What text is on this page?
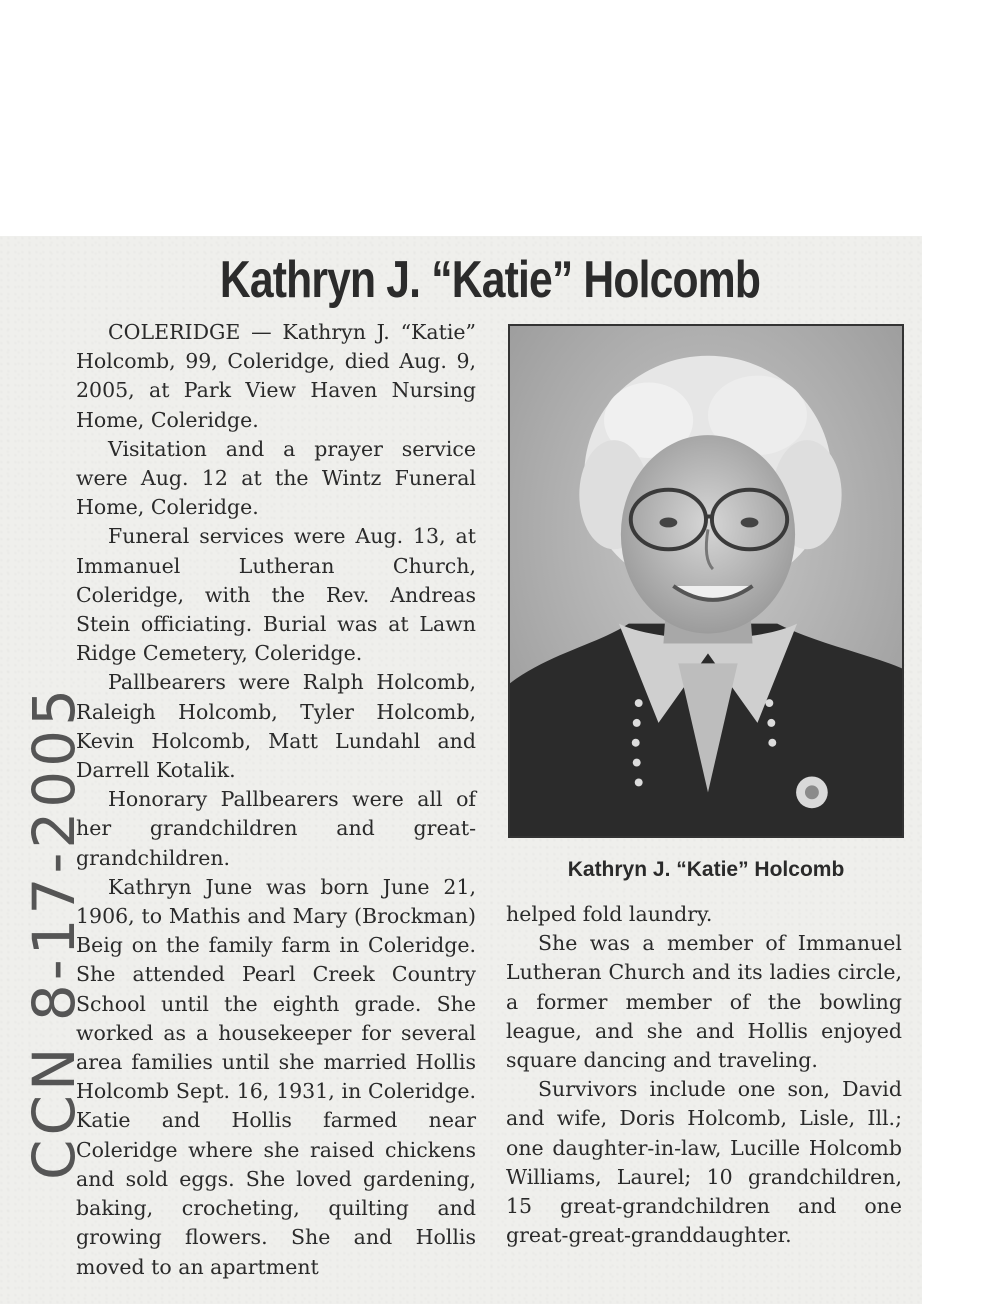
Kathryn J. “Katie” Holcomb

COLERIDGE — Kathryn J. “Katie” Holcomb, 99, Coleridge, died Aug. 9, 2005, at Park View Haven Nursing Home, Coleridge.

Visitation and a prayer service were Aug. 12 at the Wintz Funeral Home, Coleridge.

Funeral services were Aug. 13, at Immanuel Lutheran Church, Coleridge, with the Rev. Andreas Stein officiating. Burial was at Lawn Ridge Cemetery, Coleridge.

Pallbearers were Ralph Holcomb, Raleigh Holcomb, Tyler Holcomb, Kevin Holcomb, Matt Lundahl and Darrell Kotalik.

Honorary Pallbearers were all of her grandchildren and great-grandchildren.

Kathryn June was born June 21, 1906, to Mathis and Mary (Brockman) Beig on the family farm in Coleridge. She attended Pearl Creek Country School until the eighth grade. She worked as a housekeeper for several area families until she married Hollis Holcomb Sept. 16, 1931, in Coleridge. Katie and Hollis farmed near Coleridge where she raised chickens and sold eggs. She loved gardening, baking, crocheting, quilting and growing flowers. She and Hollis moved to an apartment

Kathryn J. “Katie” Holcomb

helped fold laundry.

She was a member of Immanuel Lutheran Church and its ladies circle, a former member of the bowling league, and she and Hollis enjoyed square dancing and traveling.

Survivors include one son, David and wife, Doris Holcomb, Lisle, Ill.; one daughter-in-law, Lucille Holcomb Williams, Laurel; 10 grandchildren, 15 great-grandchildren and one great-great-granddaughter.

CCN 8-17-2005
